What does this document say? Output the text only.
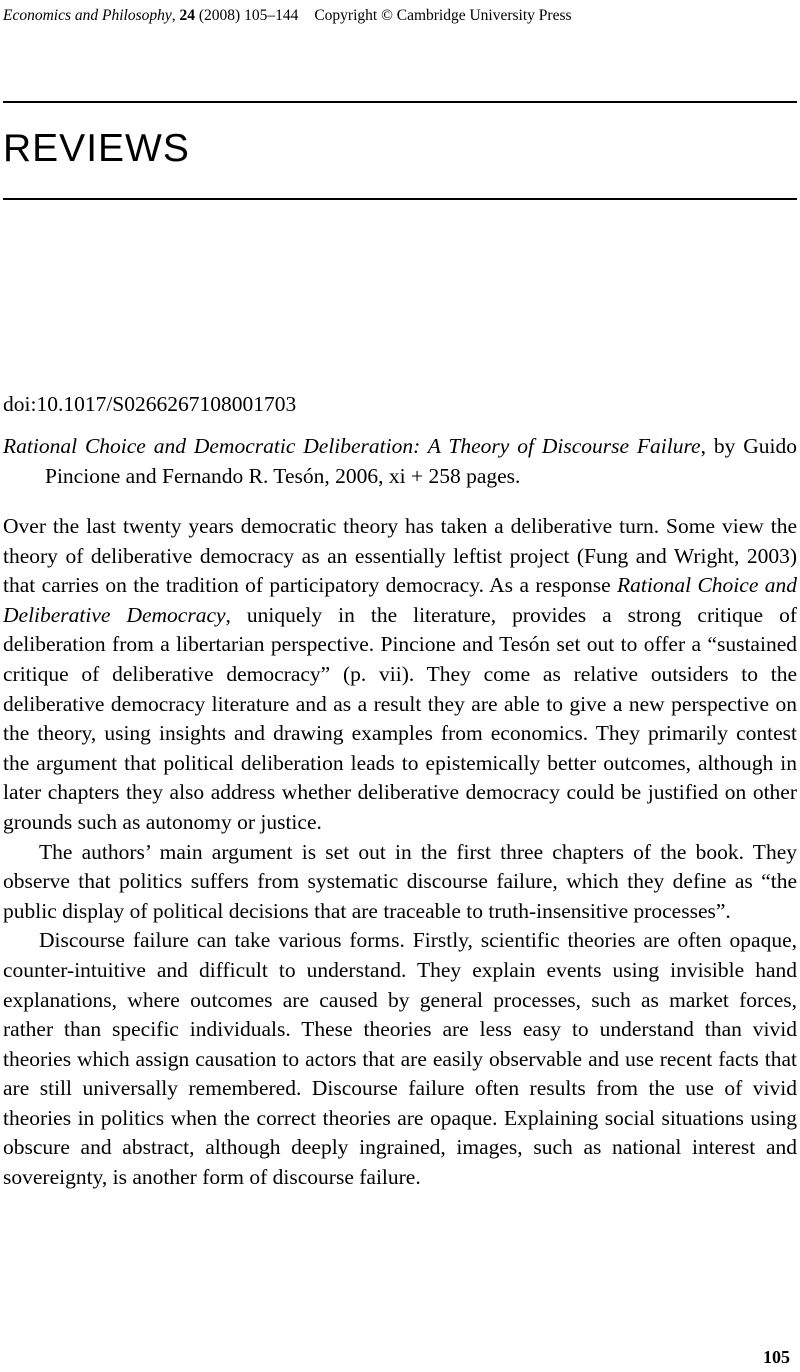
Economics and Philosophy, 24 (2008) 105–144 Copyright © Cambridge University Press
REVIEWS
doi:10.1017/S0266267108001703
Rational Choice and Democratic Deliberation: A Theory of Discourse Failure, by Guido Pincione and Fernando R. Tesón, 2006, xi + 258 pages.

Over the last twenty years democratic theory has taken a deliberative turn. Some view the theory of deliberative democracy as an essentially leftist project (Fung and Wright, 2003) that carries on the tradition of participatory democracy. As a response Rational Choice and Deliberative Democracy, uniquely in the literature, provides a strong critique of deliberation from a libertarian perspective. Pincione and Tesón set out to offer a “sustained critique of deliberative democracy” (p. vii). They come as relative outsiders to the deliberative democracy literature and as a result they are able to give a new perspective on the theory, using insights and drawing examples from economics. They primarily contest the argument that political deliberation leads to epistemically better outcomes, although in later chapters they also address whether deliberative democracy could be justified on other grounds such as autonomy or justice.

The authors’ main argument is set out in the first three chapters of the book. They observe that politics suffers from systematic discourse failure, which they define as “the public display of political decisions that are traceable to truth-insensitive processes”.

Discourse failure can take various forms. Firstly, scientific theories are often opaque, counter-intuitive and difficult to understand. They explain events using invisible hand explanations, where outcomes are caused by general processes, such as market forces, rather than specific individuals. These theories are less easy to understand than vivid theories which assign causation to actors that are easily observable and use recent facts that are still universally remembered. Discourse failure often results from the use of vivid theories in politics when the correct theories are opaque. Explaining social situations using obscure and abstract, although deeply ingrained, images, such as national interest and sovereignty, is another form of discourse failure.

105
